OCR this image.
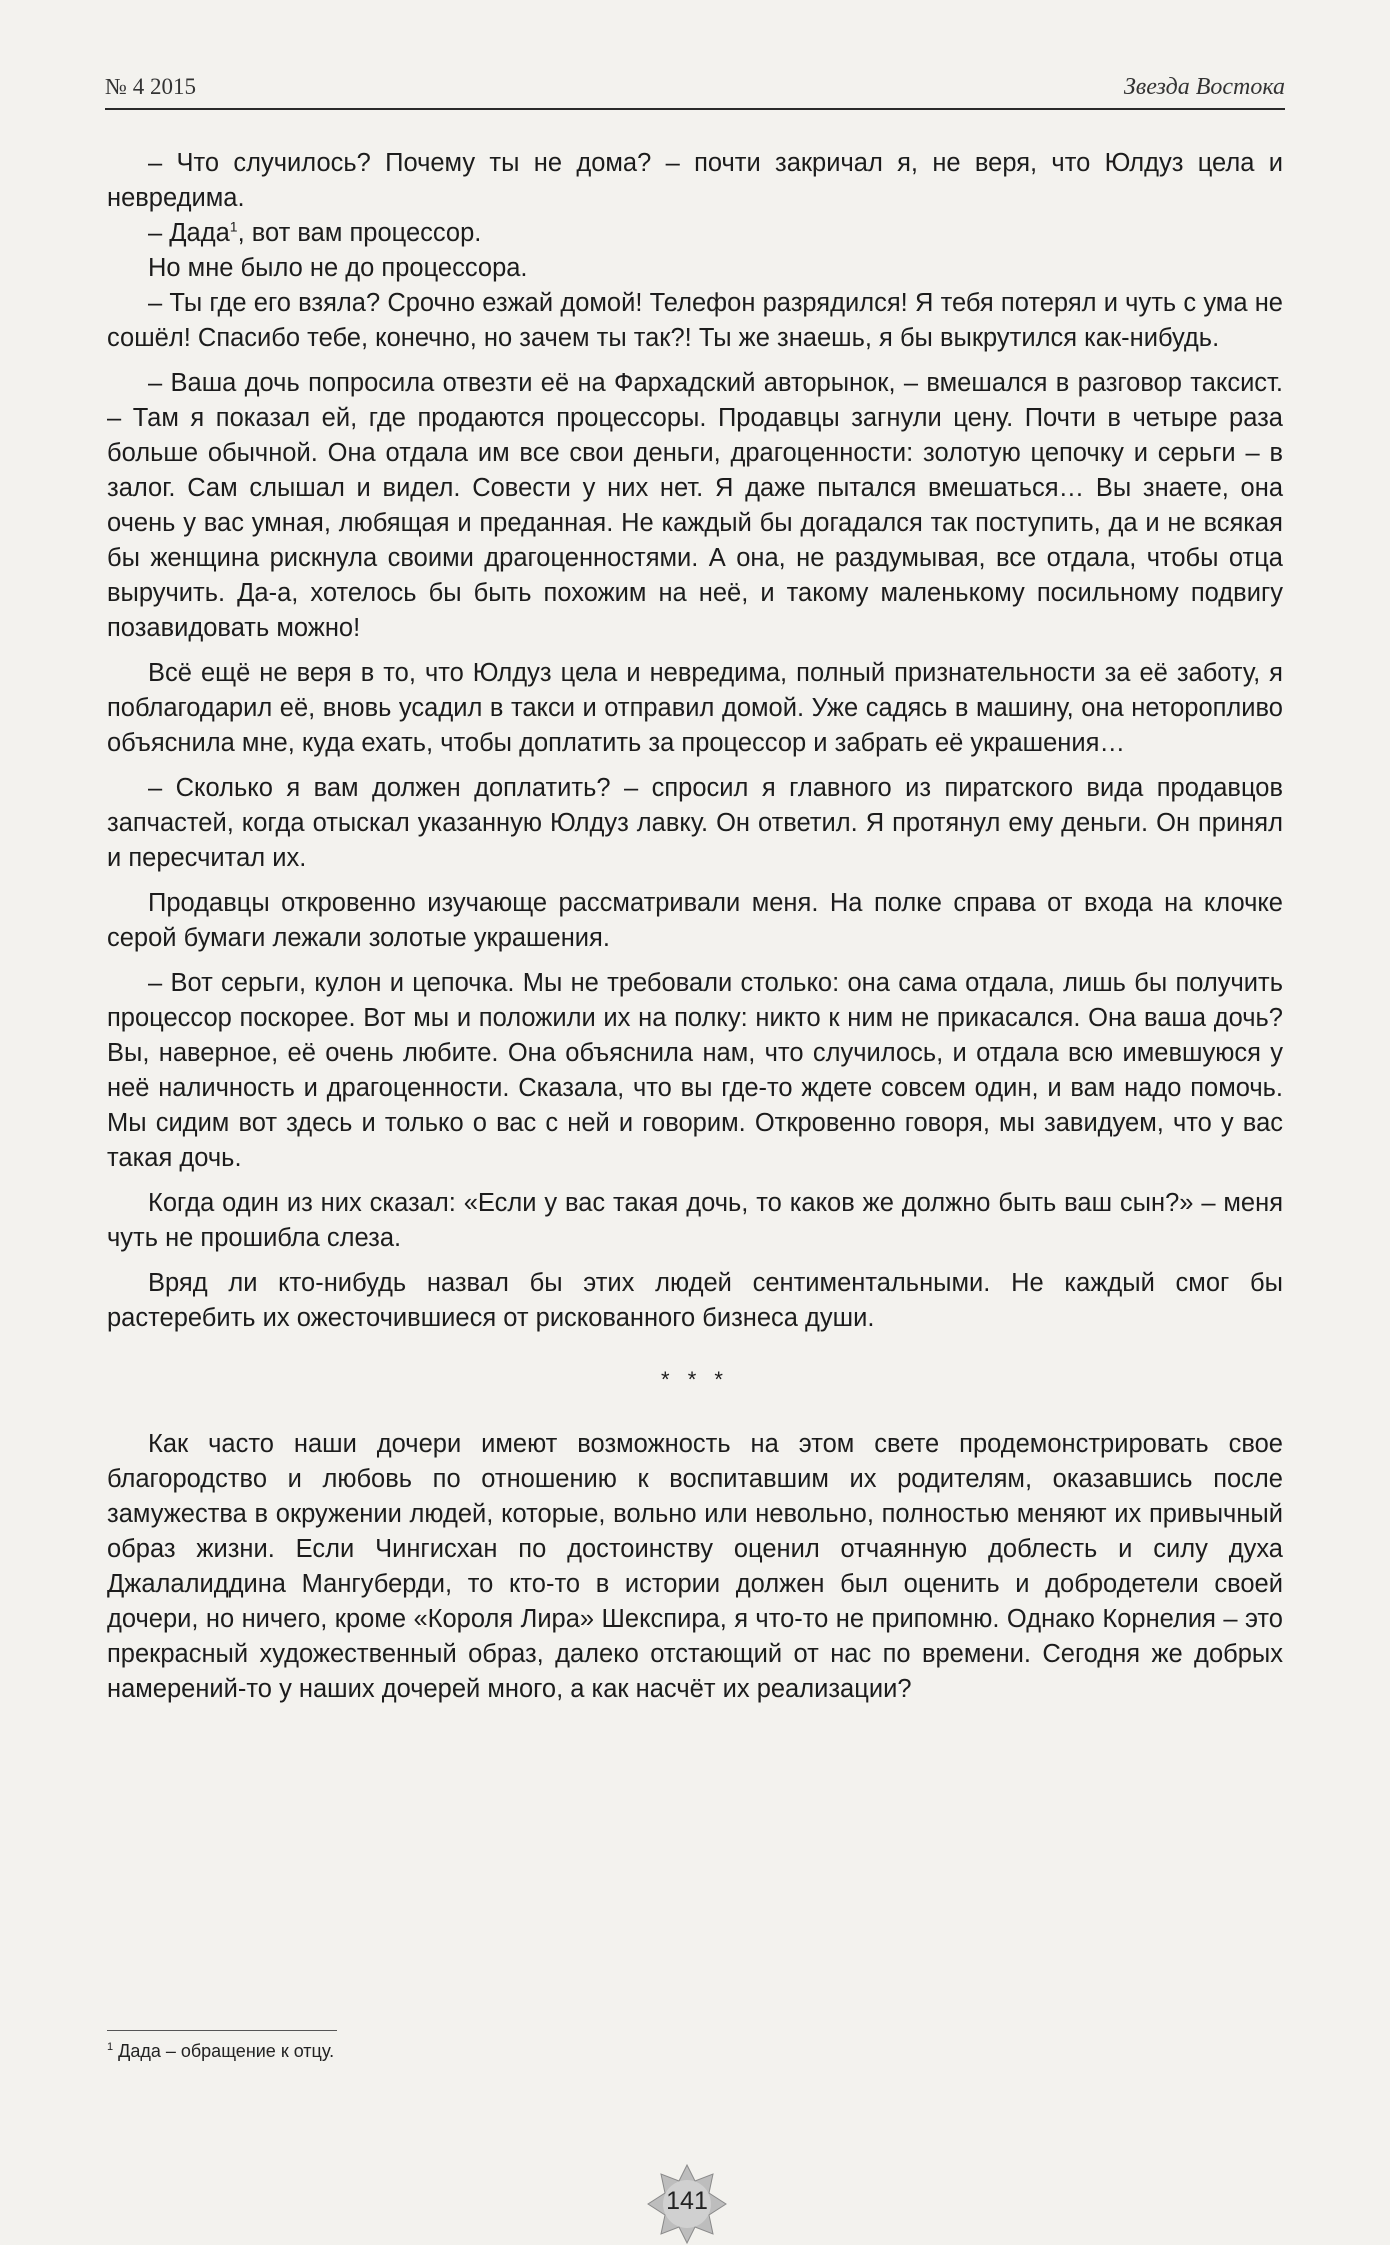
№ 4 2015	Звезда Востока

– Что случилось? Почему ты не дома? – почти закричал я, не веря, что Юлдуз цела и невредима.

– Дада$^1$, вот вам процессор.

Но мне было не до процессора.

– Ты где его взяла? Срочно езжай домой! Телефон разрядился! Я тебя потерял и чуть с ума не сошёл! Спасибо тебе, конечно, но зачем ты так?! Ты же знаешь, я бы выкрутился как-нибудь.

– Ваша дочь попросила отвезти её на Фархадский авторынок, – вмешался в разговор таксист. – Там я показал ей, где продаются процессоры. Продавцы загнули цену. Почти в четыре раза больше обычной. Она отдала им все свои деньги, драгоценности: золотую цепочку и серьги – в залог. Сам слышал и видел. Совести у них нет. Я даже пытался вмешаться… Вы знаете, она очень у вас умная, любящая и преданная. Не каждый бы догадался так поступить, да и не всякая бы женщина рискнула своими драгоценностями. А она, не раздумывая, все отдала, чтобы отца выручить. Да-а, хотелось бы быть похожим на неё, и такому маленькому посильному подвигу позавидовать можно!

Всё ещё не веря в то, что Юлдуз цела и невредима, полный признательности за её заботу, я поблагодарил её, вновь усадил в такси и отправил домой. Уже садясь в машину, она неторопливо объяснила мне, куда ехать, чтобы доплатить за процессор и забрать её украшения…

– Сколько я вам должен доплатить? – спросил я главного из пиратского вида продавцов запчастей, когда отыскал указанную Юлдуз лавку. Он ответил. Я протянул ему деньги. Он принял и пересчитал их.

Продавцы откровенно изучающе рассматривали меня. На полке справа от входа на клочке серой бумаги лежали золотые украшения.

– Вот серьги, кулон и цепочка. Мы не требовали столько: она сама отдала, лишь бы получить процессор поскорее. Вот мы и положили их на полку: никто к ним не прикасался. Она ваша дочь? Вы, наверное, её очень любите. Она объяснила нам, что случилось, и отдала всю имевшуюся у неё наличность и драгоценности. Сказала, что вы где-то ждете совсем один, и вам надо помочь. Мы сидим вот здесь и только о вас с ней и говорим. Откровенно говоря, мы завидуем, что у вас такая дочь.

Когда один из них сказал: «Если у вас такая дочь, то каков же должно быть ваш сын?» – меня чуть не прошибла слеза.

Вряд ли кто-нибудь назвал бы этих людей сентиментальными. Не каждый смог бы растеребить их ожесточившиеся от рискованного бизнеса души.

* * *

Как часто наши дочери имеют возможность на этом свете продемонстрировать свое благородство и любовь по отношению к воспитавшим их родителям, оказавшись после замужества в окружении людей, которые, вольно или невольно, полностью меняют их привычный образ жизни. Если Чингисхан по достоинству оценил отчаянную доблесть и силу духа Джалалиддина Мангуберди, то кто-то в истории должен был оценить и добродетели своей дочери, но ничего, кроме «Короля Лира» Шекспира, я что-то не припомню. Однако Корнелия – это прекрасный художественный образ, далеко отстающий от нас по времени. Сегодня же добрых намерений-то у наших дочерей много, а как насчёт их реализации?

$^1$ Дада – обращение к отцу.
141
